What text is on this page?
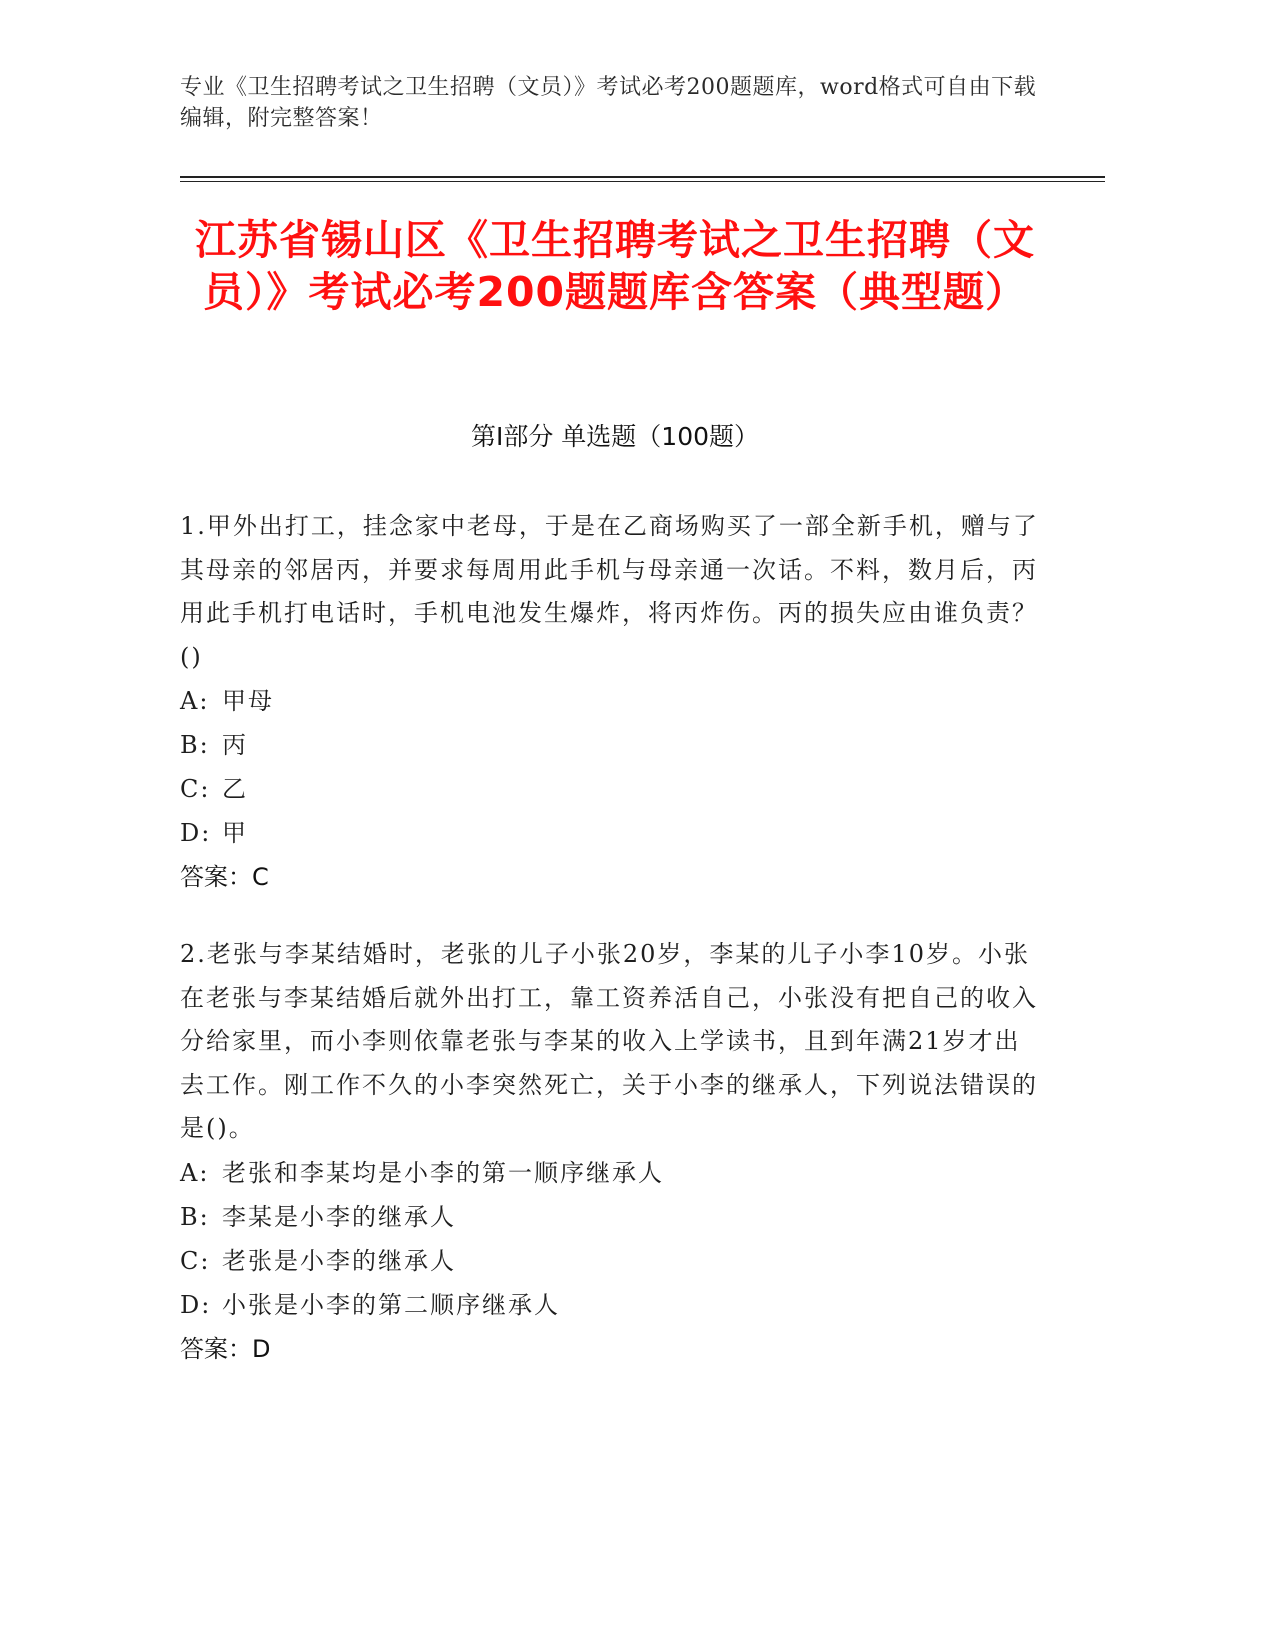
专业《卫生招聘考试之卫生招聘（文员）》考试必考200题题库，word格式可自由下载编辑，附完整答案！
江苏省锡山区《卫生招聘考试之卫生招聘（文员）》考试必考200题题库含答案（典型题）
第I部分 单选题（100题）

1.甲外出打工，挂念家中老母，于是在乙商场购买了一部全新手机，赠与了其母亲的邻居丙，并要求每周用此手机与母亲通一次话。不料，数月后，丙用此手机打电话时，手机电池发生爆炸，将丙炸伤。丙的损失应由谁负责？()

A: 甲母

B: 丙

C: 乙

D: 甲

答案：C

2.老张与李某结婚时，老张的儿子小张20岁，李某的儿子小李10岁。小张在老张与李某结婚后就外出打工，靠工资养活自己，小张没有把自己的收入分给家里，而小李则依靠老张与李某的收入上学读书，且到年满21岁才出去工作。刚工作不久的小李突然死亡，关于小李的继承人，下列说法错误的是()。

A: 老张和李某均是小李的第一顺序继承人

B: 李某是小李的继承人

C: 老张是小李的继承人

D: 小张是小李的第二顺序继承人

答案：D
